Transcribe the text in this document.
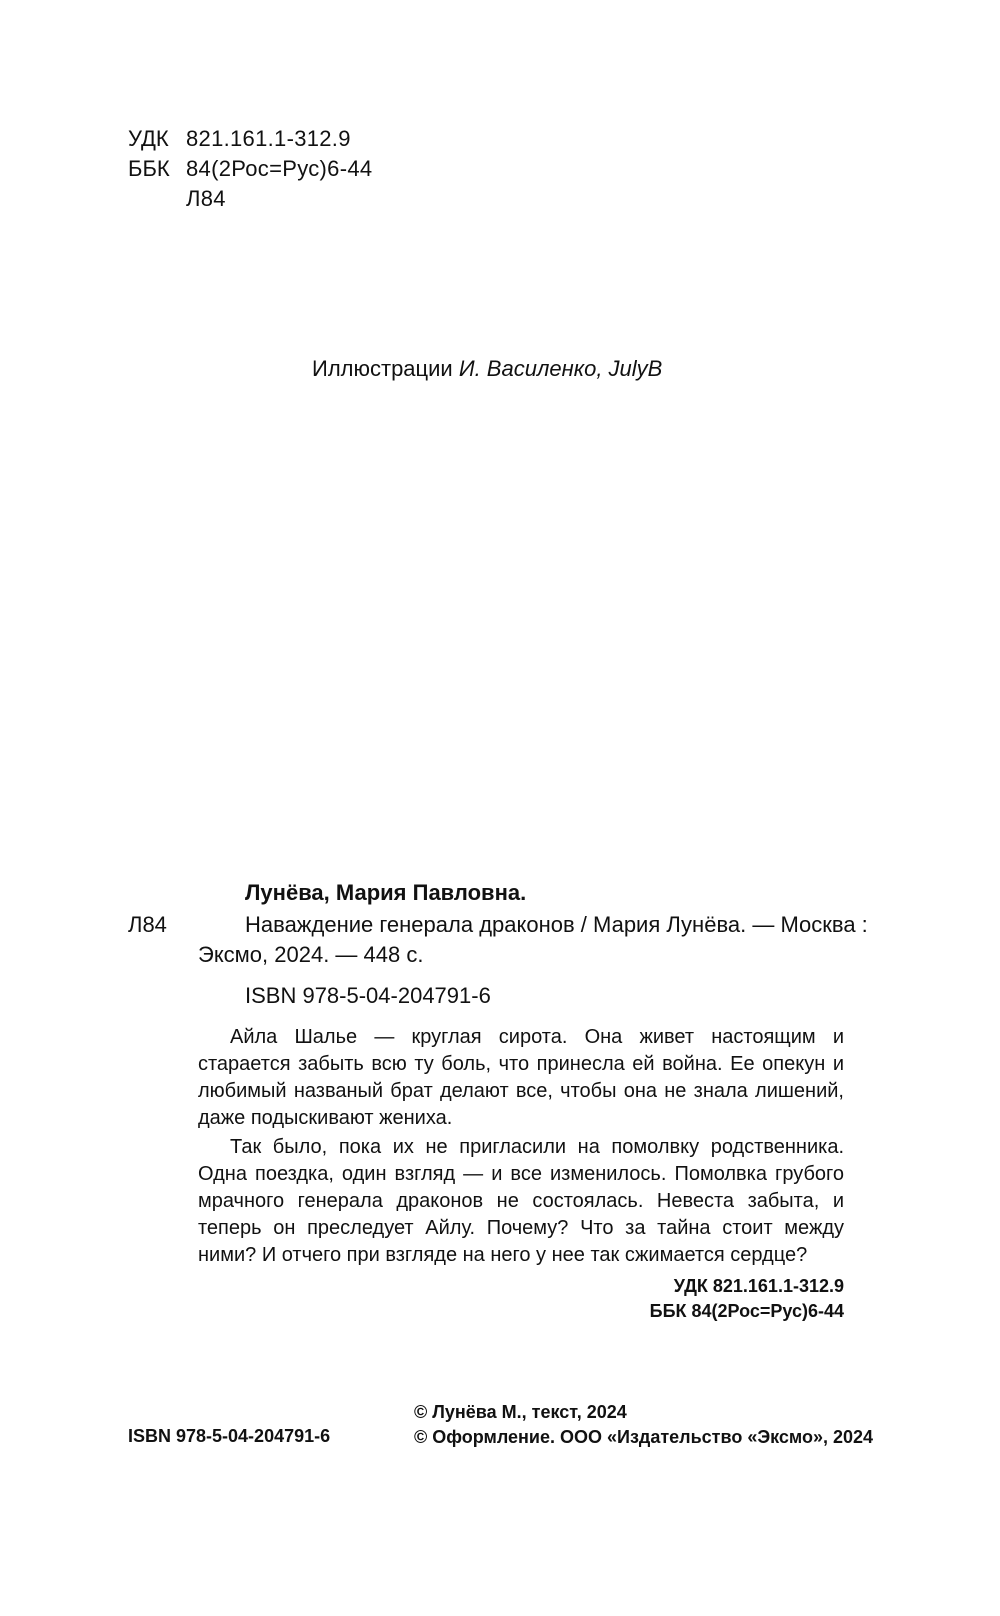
УДК 821.161.1-312.9
ББК 84(2Рос=Рус)6-44
Л84
Иллюстрации И. Василенко, JulyB
Лунёва, Мария Павловна.
Л84	Наваждение генерала драконов / Мария Лунёва. — Москва :
Эксмо, 2024. — 448 с.
ISBN 978-5-04-204791-6

Айла Шалье — круглая сирота. Она живет настоящим и старается забыть всю ту боль, что принесла ей война. Ее опекун и любимый названый брат делают все, чтобы она не знала лишений, даже подыскивают жениха.

Так было, пока их не пригласили на помолвку родственника. Одна поездка, один взгляд — и все изменилось. Помолвка грубого мрачного генерала драконов не состоялась. Невеста забыта, и теперь он преследует Айлу. Почему? Что за тайна стоит между ними? И отчего при взгляде на него у нее так сжимается сердце?

УДК 821.161.1-312.9
ББК 84(2Рос=Рус)6-44
ISBN 978-5-04-204791-6
© Лунёва М., текст, 2024
© Оформление. ООО «Издательство «Эксмо», 2024
